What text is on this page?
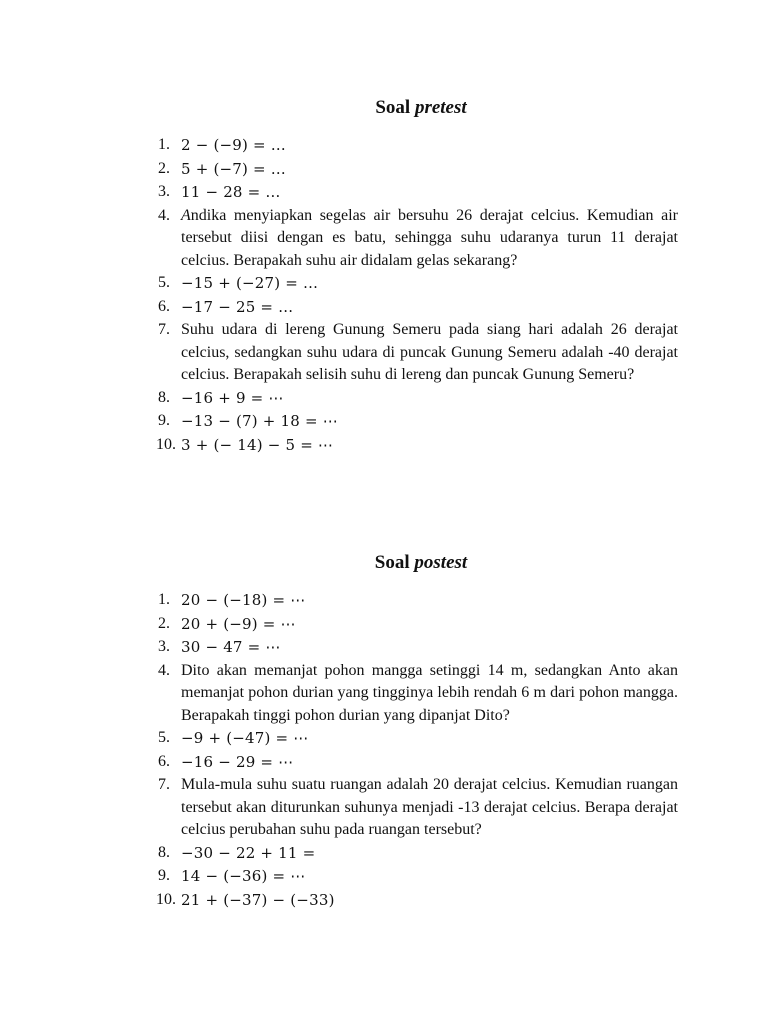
Soal pretest
1. 2 − (−9) = …
2. 5 + (−7) = …
3. 11 − 28 = …
4. Andika menyiapkan segelas air bersuhu 26 derajat celcius. Kemudian air tersebut diisi dengan es batu, sehingga suhu udaranya turun 11 derajat celcius. Berapakah suhu air didalam gelas sekarang?
5. −15 + (−27) = …
6. −17 − 25 = …
7. Suhu udara di lereng Gunung Semeru pada siang hari adalah 26 derajat celcius, sedangkan suhu udara di puncak Gunung Semeru adalah -40 derajat celcius. Berapakah selisih suhu di lereng dan puncak Gunung Semeru?
8. −16 + 9 = ⋯
9. −13 − (7) + 18 = ⋯
10. 3 + (− 14) − 5 = ⋯
Soal postest
1. 20 − (−18) = ⋯
2. 20 + (−9) = ⋯
3. 30 − 47 = ⋯
4. Dito akan memanjat pohon mangga setinggi 14 m, sedangkan Anto akan memanjat pohon durian yang tingginya lebih rendah 6 m dari pohon mangga. Berapakah tinggi pohon durian yang dipanjat Dito?
5. −9 + (−47) = ⋯
6. −16 − 29 = ⋯
7. Mula-mula suhu suatu ruangan adalah 20 derajat celcius. Kemudian ruangan tersebut akan diturunkan suhunya menjadi -13 derajat celcius. Berapa derajat celcius perubahan suhu pada ruangan tersebut?
8. −30 − 22 + 11 =
9. 14 − (−36) = ⋯
10. 21 + (−37) − (−33)
